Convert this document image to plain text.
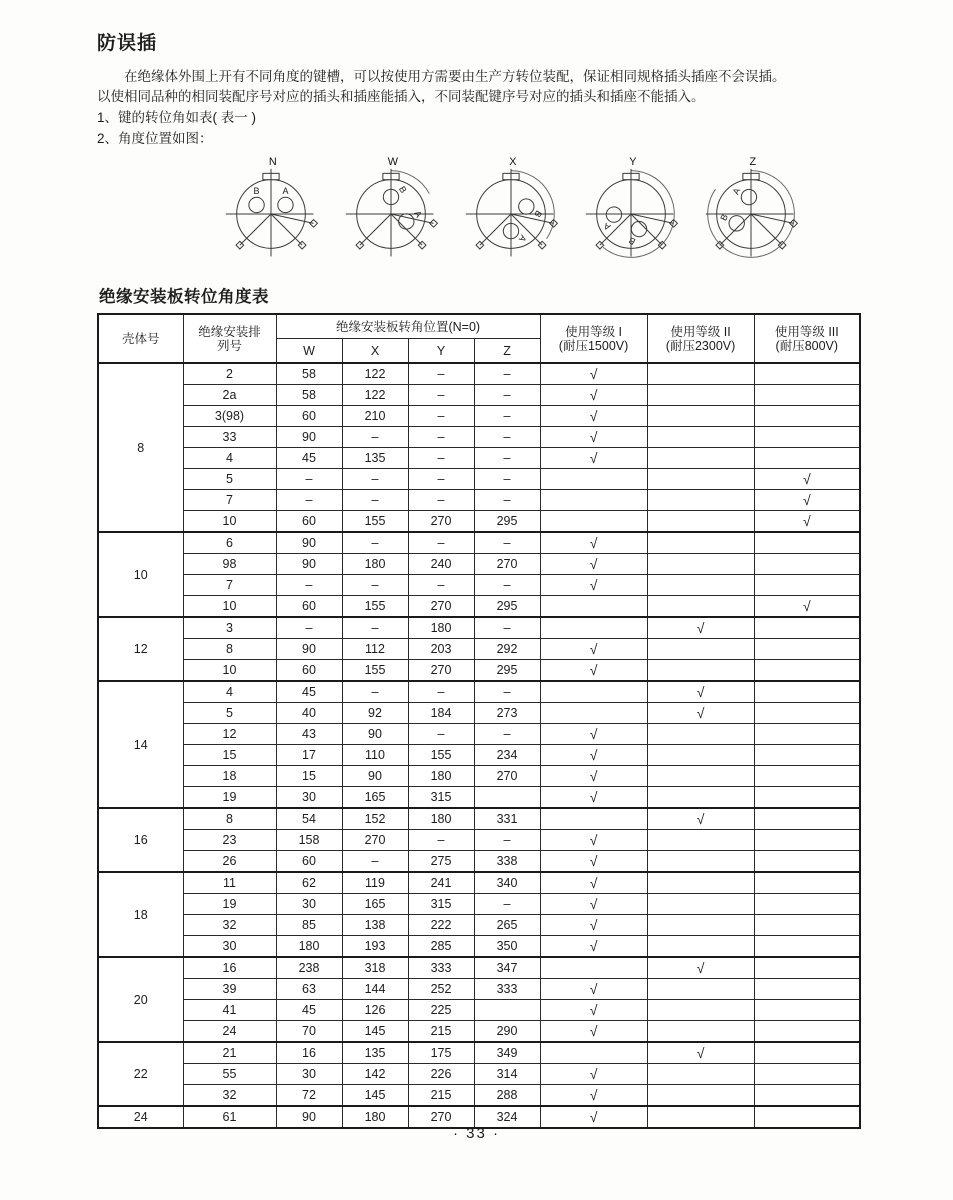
防误插
在绝缘体外围上开有不同角度的键槽，可以按使用方需要由生产方转位装配，保证相同规格插头插座不会误插。
以使相同品种的相同装配序号对应的插头和插座能插入，不同装配键序号对应的插头和插座不能插入。
1、键的转位角如表( 表一 )
2、角度位置如图：
B A
N
B
A
W
B
A
X
B
A
Y
B
A
Z
绝缘安装板转位角度表
壳体号	绝缘安装排
列号
	绝缘安装板转角位置(N=0)	使用等级 I
(耐压1500V)

使用等级 II
(耐压2300V)

使用等级 III
(耐压800V)

		W	X	Y	Z			
8	2	58	122	–	–	√		
	2a	58	122	–	–	√		
	3(98)	60	210	–	–	√		
	33	90	–	–	–	√		
	4	45	135	–	–	√		
	5	–	–	–	–			√
	7	–	–	–	–			√
	10	60	155	270	295			√
10	6	90	–	–	–	√		
	98	90	180	240	270	√		
	7	–	–	–	–	√		
	10	60	155	270	295			√
12	3	–	–	180	–		√	
	8	90	112	203	292	√		
	10	60	155	270	295	√		
14	4	45	–	–	–		√	
	5	40	92	184	273		√	
	12	43	90	–	–	√		
	15	17	110	155	234	√		
	18	15	90	180	270	√		
	19	30	165	315		√		
16	8	54	152	180	331		√	
	23	158	270	–	–	√		
	26	60	–	275	338	√		
18	11	62	119	241	340	√		
	19	30	165	315	–	√		
	32	85	138	222	265	√		
	30	180	193	285	350	√		
20	16	238	318	333	347		√	
	39	63	144	252	333	√		
	41	45	126	225		√		
	24	70	145	215	290	√		
22	21	16	135	175	349		√	
	55	30	142	226	314	√		
	32	72	145	215	288	√		
24	61	90	180	270	324	√		
· 33 ·
